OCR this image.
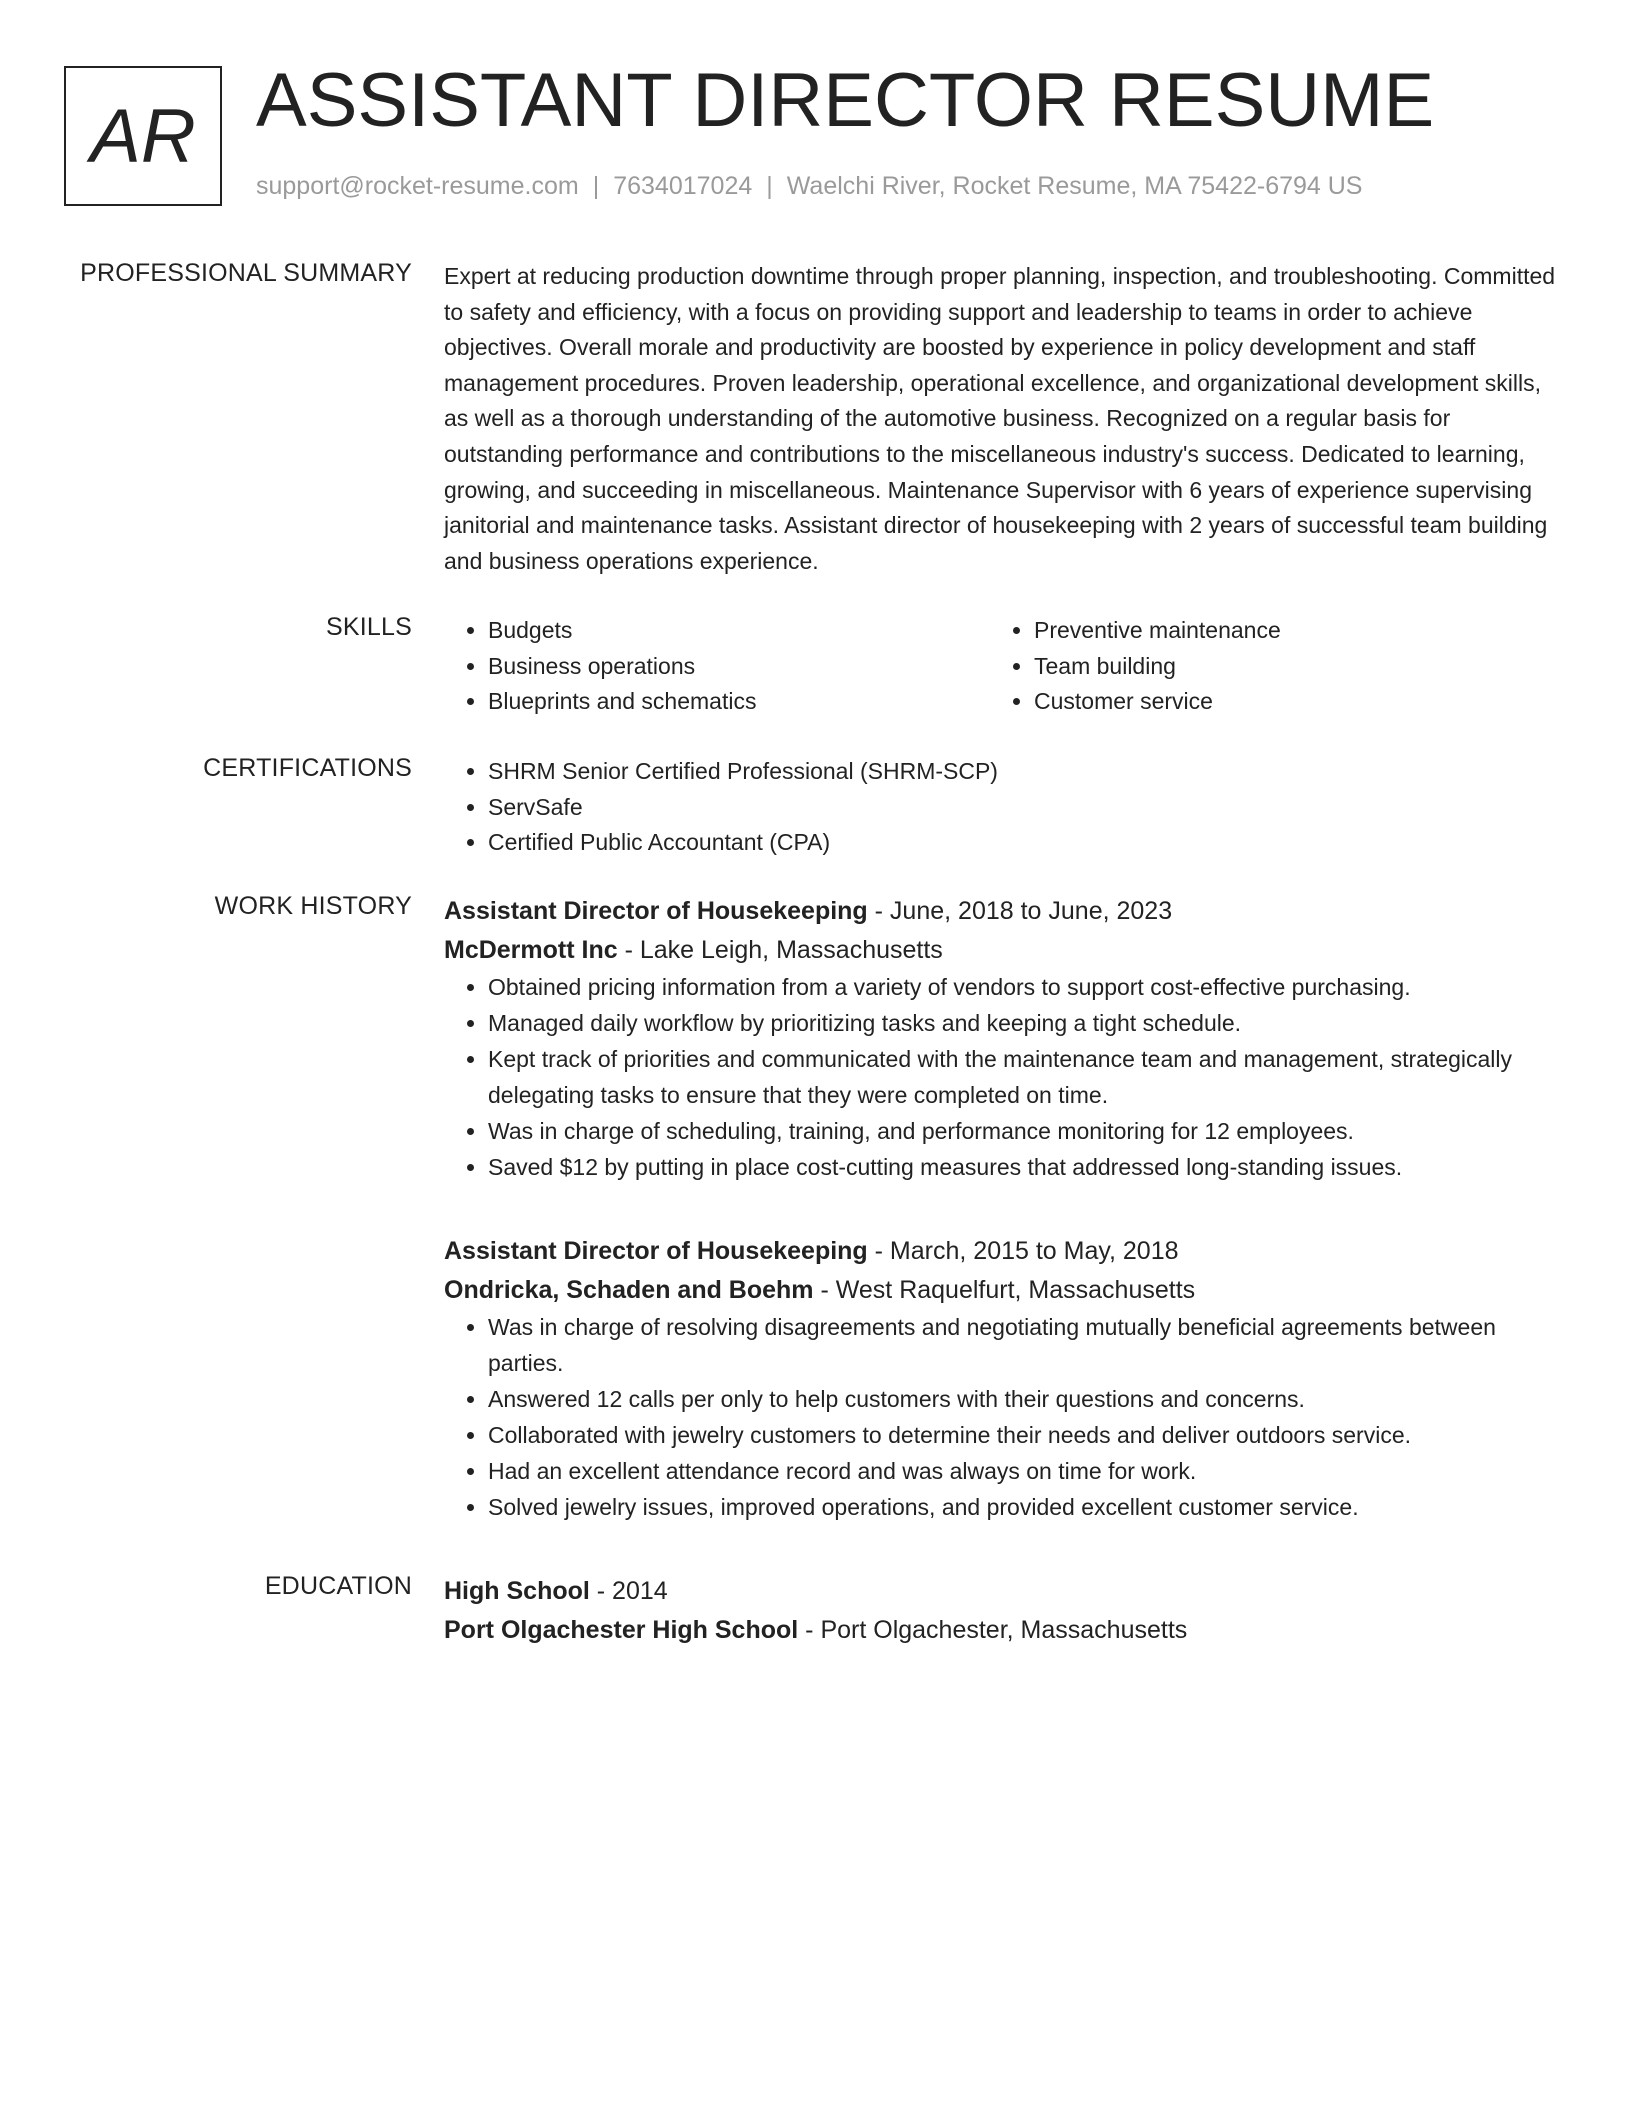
AR ASSISTANT DIRECTOR RESUME
support@rocket-resume.com | 7634017024 | Waelchi River, Rocket Resume, MA 75422-6794 US
PROFESSIONAL SUMMARY Expert at reducing production downtime through proper planning, inspection, and troubleshooting. Committed to safety and efficiency, with a focus on providing support and leadership to teams in order to achieve objectives. Overall morale and productivity are boosted by experience in policy development and staff management procedures. Proven leadership, operational excellence, and organizational development skills, as well as a thorough understanding of the automotive business. Recognized on a regular basis for outstanding performance and contributions to the miscellaneous industry's success. Dedicated to learning, growing, and succeeding in miscellaneous. Maintenance Supervisor with 6 years of experience supervising janitorial and maintenance tasks. Assistant director of housekeeping with 2 years of successful team building and business operations experience.

SKILLS	• Budgets
• Business operations
• Blueprints and schematics
• Preventive maintenance
• Team building
• Customer service
CERTIFICATIONS	• SHRM Senior Certified Professional (SHRM-SCP)
• ServSafe
• Certified Public Accountant (CPA)
WORK HISTORY Assistant Director of Housekeeping - June, 2018 to June, 2023
McDermott Inc - Lake Leigh, Massachusetts
• Obtained pricing information from a variety of vendors to support cost-effective purchasing.
• Managed daily workflow by prioritizing tasks and keeping a tight schedule.
• Kept track of priorities and communicated with the maintenance team and management, strategically delegating tasks to ensure that they were completed on time.
• Was in charge of scheduling, training, and performance monitoring for 12 employees.
• Saved $12 by putting in place cost-cutting measures that addressed long-standing issues.
Assistant Director of Housekeeping - March, 2015 to May, 2018
Ondricka, Schaden and Boehm - West Raquelfurt, Massachusetts
• Was in charge of resolving disagreements and negotiating mutually beneficial agreements between parties.
• Answered 12 calls per only to help customers with their questions and concerns.
• Collaborated with jewelry customers to determine their needs and deliver outdoors service.
• Had an excellent attendance record and was always on time for work.
• Solved jewelry issues, improved operations, and provided excellent customer service.
EDUCATION High School - 2014
Port Olgachester High School - Port Olgachester, Massachusetts
